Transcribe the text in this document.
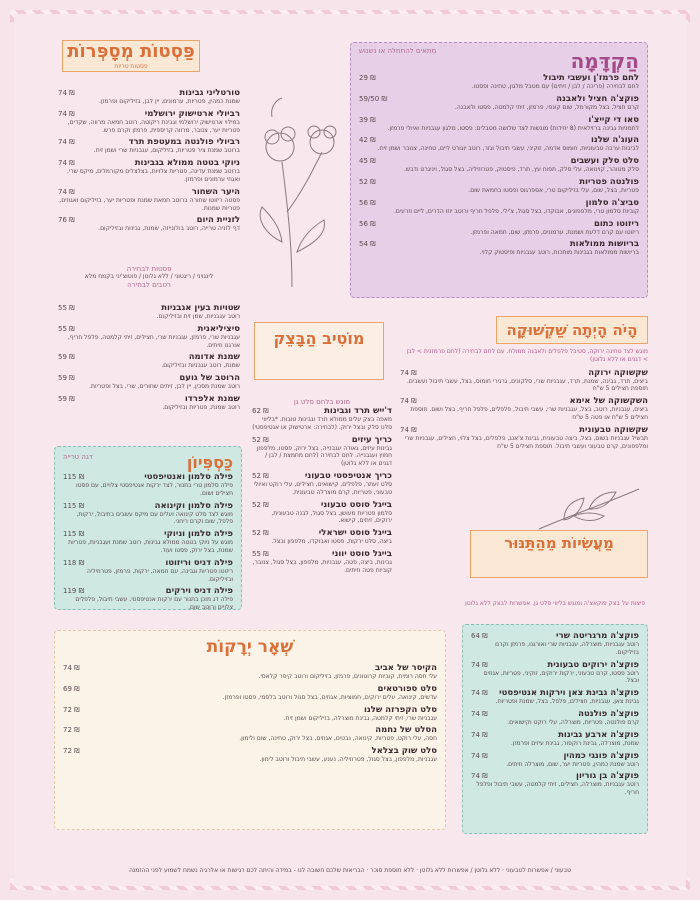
פַּסְטוֹת מְסָפְּרוֹת
פסטות טריות
טורטליני גבינות
74 ₪
שמנת כמהין, פטריות, ערמונים, יין לבן, בזיליקום ופרמזן.
רביולי ארטישוק ירושלמי
74 ₪
במילוי ארטישוק ירושלמי וגבינת ריקוטה, רוטב חמאה מרווה, שקדים, פטריות יער, צנובר, מרווה קריספית, פרמזן וקרם פרש.
רביולי פולנטה במעטפת תרד
74 ₪
ברוטב שמנת ציר פטריות, בזיליקום, עגבניות שרי ושמן זית.
ניוקי בטטה ממולא בגבינות
74 ₪
ברוטב שמנת עדינה, פטריות צלויות, בצלצלים מקורמלים, מיקס שרי, ואגוזי ערמונים ופרמזן.
היער השחור
74 ₪
פסטה ריזוטו שחורה ברוטב חמאת שמנת ופטריות יער, בזיליקום ואגוזים, פטריות שמנות.
לזניית היום
76 ₪
דף לזניה טרייה, רוטב בולונייזה, שמנת, גבינות ובזיליקום.
פסטות לבחירה
לינגויני / ריגטוני / ללא גלוטן / פוטוצ'יני בקמח מלא
רטבים לבחירה
שטויות בעין אגבניות
55 ₪
רוטב עגבניות, שמן זית ובזיליקום.
סיציליאנית
55 ₪
עגבניות שרי, פרמזן, עגבניות שרי, חצילים, זיתי קלמטה, פלפל חריף, אורגנו וזיתים.
שמנת אדומה
59 ₪
שמנת, רוטב עגבניות ובזיליקום.
הרוטב של גועם
59 ₪
רוטב שמנת מסכין, יין לבן, זיתים שחורים, שרי, בצל ופטריות.
שמנת אלפרדו
59 ₪
רוטב שמנת, פטריות ובזיליקום.
הַקְדָּמָה
מתאים להתחלה או נשנוש
לחם פרמז'ן ועשבי תיבול
29 ₪
לחם לבחירה (פריכה / לבן / זיתים) עם מטבל מלגון, טחינה ופסטו.
פוקצ'ה חציל ולאבנה
59/50 ₪
קרם חציל, בצל מקורמל, שום קונפי, פרמזן, זיתי קלמטה, פסטו ולאבנה.
סאו די קייצ'ו
39 ₪
לחמניות גבינה ברזילאית (8 יחידות) מוגשות לצד שלושה מטבלים: פסטו, מלגון עגבניות ואיולי פרמזן.
העוג'ה שלנו
42 ₪
לביבות ערבה טבעוניות, חומוס אדמה, זוקיני, עשבי תיבול וגזר, רוטב יוגורט ליים, טחינה, צנובר ושמן זית.
סלט סלק ועשבים
45 ₪
סלק מטוהר, קוינואה, עלי סלק, תפוח עץ, תרד, פיסטוק, פטרוזיליה, בצל סגול, ויניגרט ודבש.
פולנטה פטריות
52 ₪
פטריות, בצל, שום, עלי בזיליקום טרי, אספרגוס ופסטו בחמאת שום.
סביצ'ה סלמון
56 ₪
קוביות סלמון טרי, מלפפונים, אבוקדו, בצל סגול, צ'ילי, פלפל חריף ורוטב יוזו הדרים, ליים וזרעים.
ריזוטו כתום
56 ₪
ריזוטו עם קרם דלעת ושמנת, ערמונים, פרמזן, שום, חמאה ופרמזן.
בריושות ממולאות
54 ₪
בריושות ממולאות בגבינות מותכות, רוטב עגבניות ופיסטוק קלוי.
הָיֹה הָיְתָה שַׁקְשׁוּקָה
מוגש לצד טחינה ירוקה, סטיבל פלפלים ולאבנה ממולח. עם לחם לבחירה (לחם פרמזנית > לבן > דגנים או ללא גלוטן)
שקשוקה ירוקה
74 ₪
ביצים, תרד, גבינה, שמנת, תרד, עגבניות שרי, סלקונים, גרגירי חומוס, בצל, עשבי תיבול ועשבים. תוספת חצילים 5 ש"ח
השקשוקה של אימא
74 ₪
ביצים, עגבניות, רוטב, בצל, עגבניות שרי, עשבי תיבול, פלפלים, פלפל חריף, בצל ושום. תוספת חצילים 5 ש"ח או פטה 5 ש"ח
שקשוקה טבעונית
74 ₪
תבשיל עגבניות בשום, בצל, ביצה טבעונית, גבינת צ'אנג, פלפלים, בצל צלוי, חצילים, עגבניות שרי ומלפפונים, קרם טבעוני ועשבי תיבול. תוספת חצילים 5 ש"ח
מוֹטִיב הַבָּצֵק
מוגש בלחם סלט גן
ד'ייש תרד וגבינות
62 ₪
מאפה בצק עלים ממולא תרד וגבינות טובות. *בליווי סלט סלק ובצל ירוק. (לבחירה: ארטישוק או אנטיפסטי)
כריך עיזים
52 ₪
גבינות עיזים, גאודה עגבנייה, בצל ירוק, פסטו, מלפפון חמוץ ועגבנייה. לחם לבחירה (לחם מחמצת / לבן / דגנים או ללא גלוטן)
כריך אנטיפסטי טבעוני
52 ₪
סלט זעתר, פלפלים, קישואים, חצילים, עלי רוקט ואיולי טבעוני, פטריות, קרם מוצרלה טבעונית.
בייגל סוסט טבעוני
52 ₪
סלמון פטריות מעושן, בצל סגול, לבנה טבעונית, ירוקים, זיתים, קישוא.
בייגל סוסט ישראלי
52 ₪
ביצה, סלט ירקות, פסטו ואבוקדו, מלפפון ובצל.
בייגל סוסט יווני
55 ₪
גבינות, ביצה, פטה, עגבניות, מלפפון, בצל סגול, צנובר, קוביות פטה וזיתים.
כַּסְפִּיוֹן
דגה טרייה
פילה סלמון ואנטיפסטי
115 ₪
פילה סלמון טרי בתנור, לצד ירקות אנטיפסטי צלויים, עם פסטו חצילים ושום.
פילה סלמון וקינואה
115 ₪
מוגש לצד סלט קינואה ועלים עם מיקס עשבים בתיבול, ירקות, פלפל, שום וקרם ריחני.
פילה סלמון וניוקי
115 ₪
מוגש על ניוקי בטטה ממולא גבינות, רוטב שמנת ועגבניות, פטריות שמנת, בצל ירוק, פסטו ועוד.
פילה דניס וריזוטו
118 ₪
ריזוטו פטריות וגבינה, עם חמאה, ירקות, פרמזן, פטרוזיליה ובזיליקום.
פילה דניס וירקים
119 ₪
פילה דג מוכן בתנור עם ירקות אנטיפסטי, עשבי תיבול, פלפלים צלויים ורוטב שום.
מַעֲשִׂיוֹת מֵהַתַּנּוּר
פיצות על בצק פוקאצ'ה ומוגש בליווי סלט גן. אפשרות לבצק ללא גלוטן
פוקצ'ה מרגריטה שרי
64 ₪
רוטב עגבניות, מוצרלה, עגבניות שרי ואורגנו, פרמזן וקרם בזיליקום.
פוקצ'ה ירוקים טבעונית
74 ₪
רוטב פסטו, קרם טבעוני, ירקות ירוקים, זוקיני, פטריות, אגוזים ובצל.
פוקצ'ה גבינת צאן וירקות אנטיפסטי
74 ₪
גבינת צאן, עגבניות, חצילים, פלפל, בצל, שמנת ופטריות.
פוקצ'ה פולנטה
74 ₪
קרם פולנטה, פטריות, מוצרלה, עלי רוקט וקישואים.
פוקצ'ה ארבע גבינות
74 ₪
שמנת, מוצרלה, גבינת רוקפור, גבינת עיזים ופרמזן.
פוקצ'ה פונגי כמהין
74 ₪
רוטב שמנת כמהין, פטריות יער, שום, מוצרלה וזיתים.
פוקצ'ה בן גוריון
74 ₪
רוטב עגבניות, מוצרלה, חצילים, זיתי קלמטה, עשבי תיבול ופלפל חריף.
שְׁאָר יְרָקוֹת
הקיסר של אביב
74 ₪
עלי חסה רומית, קוביות קרוטונים, פרמזן, בזיליקום ורוטב קיסר קלאסי.
סלט ספורטאים
69 ₪
עדשים, קינואה, עלים ירוקים, חמוציות, אגוזים, בצל סגול ורוטב בלסמי, פסטו ופרמזן.
סלט הקפרזה שלנו
72 ₪
עגבניות שרי, זיתי קלמטה, גבינת מוצרלה, בזיליקום ושמן זית.
הסלט של נחמה
72 ₪
חסה, עלי רוקט, פטריות, קינואה, נבטים, אגוזים, בצל ירוק, טחינה, שום ולימון.
סלט שוק בצלאל
72 ₪
עגבניות, מלפפון, בצל סגול, פטרוזיליה, נענע, עשבי תיבול ורוטב לימון.
טבעוני / אפשרות לטבעוני · ללא גלוטן / אפשרות ללא גלוטן · ללא תוספת סוכר · הבריאות שלכם חשובה לנו - במידה והיתה לכם רגישות או אלרגיה נשמח לשמוע לפני ההזמנה
